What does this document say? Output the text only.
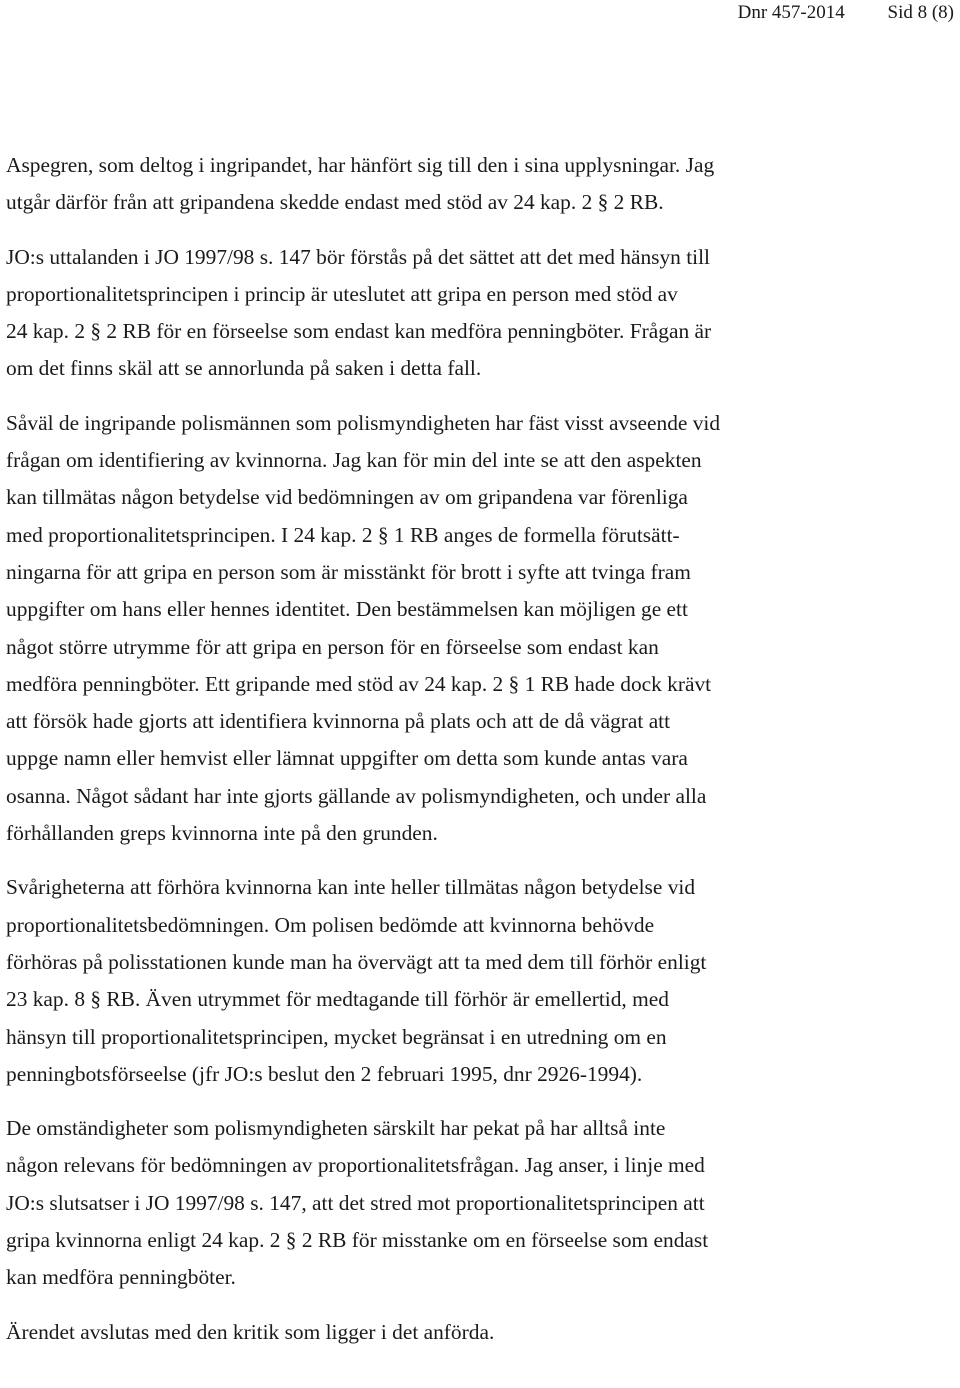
Dnr 457-2014 Sid 8 (8)

Aspegren, som deltog i ingripandet, har hänfört sig till den i sina upplysningar. Jag
utgår därför från att gripandena skedde endast med stöd av 24 kap. 2 § 2 RB.

JO:s uttalanden i JO 1997/98 s. 147 bör förstås på det sättet att det med hänsyn till
proportionalitetsprincipen i princip är uteslutet att gripa en person med stöd av
24 kap. 2 § 2 RB för en förseelse som endast kan medföra penningböter. Frågan är
om det finns skäl att se annorlunda på saken i detta fall.

Såväl de ingripande polismännen som polismyndigheten har fäst visst avseende vid
frågan om identifiering av kvinnorna. Jag kan för min del inte se att den aspekten
kan tillmätas någon betydelse vid bedömningen av om gripandena var förenliga
med proportionalitetsprincipen. I 24 kap. 2 § 1 RB anges de formella förutsätt-
ningarna för att gripa en person som är misstänkt för brott i syfte att tvinga fram
uppgifter om hans eller hennes identitet. Den bestämmelsen kan möjligen ge ett
något större utrymme för att gripa en person för en förseelse som endast kan
medföra penningböter. Ett gripande med stöd av 24 kap. 2 § 1 RB hade dock krävt
att försök hade gjorts att identifiera kvinnorna på plats och att de då vägrat att
uppge namn eller hemvist eller lämnat uppgifter om detta som kunde antas vara
osanna. Något sådant har inte gjorts gällande av polismyndigheten, och under alla
förhållanden greps kvinnorna inte på den grunden.

Svårigheterna att förhöra kvinnorna kan inte heller tillmätas någon betydelse vid
proportionalitetsbedömningen. Om polisen bedömde att kvinnorna behövde
förhöras på polisstationen kunde man ha övervägt att ta med dem till förhör enligt
23 kap. 8 § RB. Även utrymmet för medtagande till förhör är emellertid, med
hänsyn till proportionalitetsprincipen, mycket begränsat i en utredning om en
penningbotsförseelse (jfr JO:s beslut den 2 februari 1995, dnr 2926-1994).

De omständigheter som polismyndigheten särskilt har pekat på har alltså inte
någon relevans för bedömningen av proportionalitetsfrågan. Jag anser, i linje med
JO:s slutsatser i JO 1997/98 s. 147, att det stred mot proportionalitetsprincipen att
gripa kvinnorna enligt 24 kap. 2 § 2 RB för misstanke om en förseelse som endast
kan medföra penningböter.

Ärendet avslutas med den kritik som ligger i det anförda.
